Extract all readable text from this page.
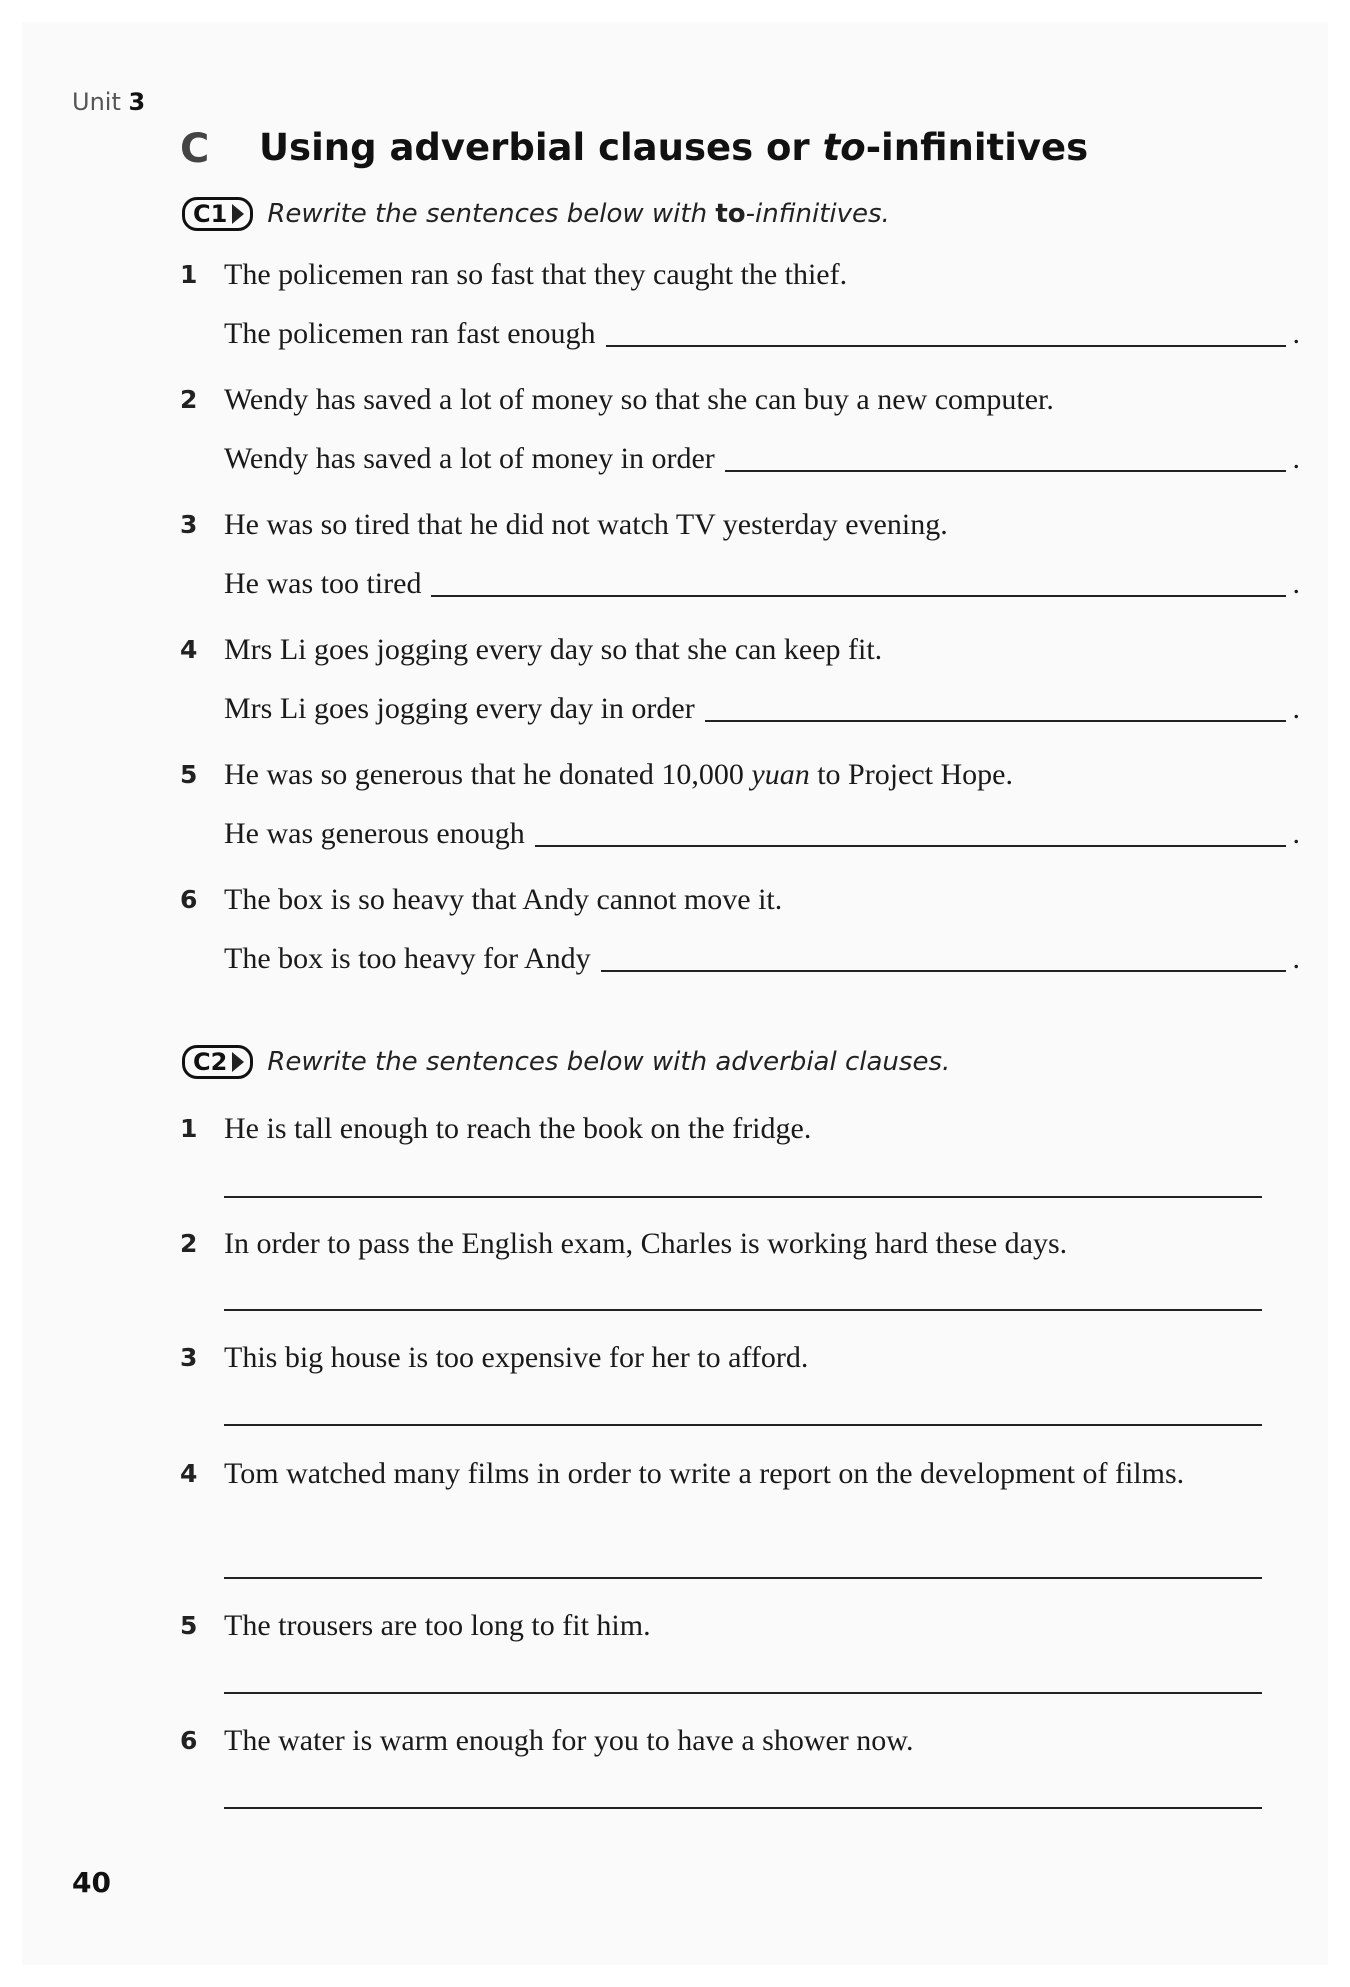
Unit 3
C Using adverbial clauses or to-infinitives
C1 Rewrite the sentences below with to-infinitives.
1 The policemen ran so fast that they caught the thief.
The policemen ran fast enough	.
2 Wendy has saved a lot of money so that she can buy a new computer.
Wendy has saved a lot of money in order	.
3 He was so tired that he did not watch TV yesterday evening.
He was too tired	.
4 Mrs Li goes jogging every day so that she can keep fit.
Mrs Li goes jogging every day in order	.
5 He was so generous that he donated 10,000 yuan to Project Hope.
He was generous enough	.
6 The box is so heavy that Andy cannot move it.
The box is too heavy for Andy	.
C2 Rewrite the sentences below with adverbial clauses.
1 He is tall enough to reach the book on the fridge.
2 In order to pass the English exam, Charles is working hard these days.
3 This big house is too expensive for her to afford.
4 Tom watched many films in order to write a report on the development of films.
5 The trousers are too long to fit him.
6 The water is warm enough for you to have a shower now.
40
